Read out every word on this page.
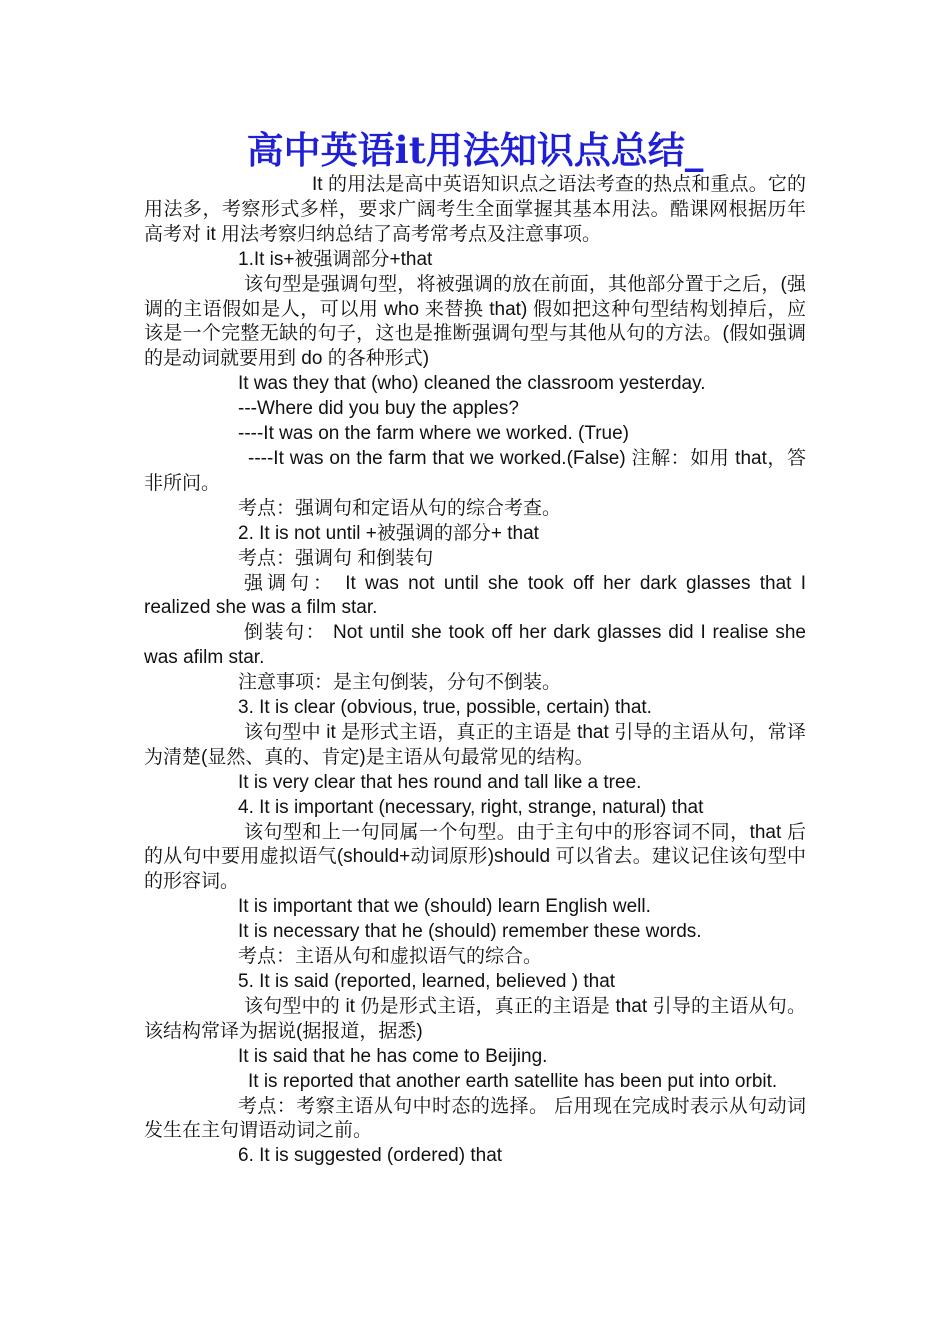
高中英语it用法知识点总结_

It 的用法是高中英语知识点之语法考查的热点和重点。它的用法多，考察形式多样，要求广阔考生全面掌握其基本用法。酷课网根据历年高考对 it 用法考察归纳总结了高考常考点及注意事项。

1.It is+被强调部分+that

该句型是强调句型，将被强调的放在前面，其他部分置于之后，(强调的主语假如是人，可以用 who 来替换 that) 假如把这种句型结构划掉后，应该是一个完整无缺的句子，这也是推断强调句型与其他从句的方法。(假如强调的是动词就要用到 do 的各种形式)

It was they that (who) cleaned the classroom yesterday.

---Where did you buy the apples?

----It was on the farm where we worked. (True)

----It was on the farm that we worked.(False) 注解：如用 that，答非所问。

考点：强调句和定语从句的综合考查。

2. It is not until +被强调的部分+ that

考点：强调句 和倒装句

强调句： It was not until she took off her dark glasses that I realized she was a film star.

倒装句： Not until she took off her dark glasses did I realise she was afilm star.

注意事项：是主句倒装，分句不倒装。

3. It is clear (obvious, true, possible, certain) that.

该句型中 it 是形式主语，真正的主语是 that 引导的主语从句，常译为清楚(显然、真的、肯定)是主语从句最常见的结构。

It is very clear that hes round and tall like a tree.

4. It is important (necessary, right, strange, natural) that

该句型和上一句同属一个句型。由于主句中的形容词不同，that 后的从句中要用虚拟语气(should+动词原形)should 可以省去。建议记住该句型中的形容词。

It is important that we (should) learn English well.

It is necessary that he (should) remember these words.

考点：主语从句和虚拟语气的综合。

5. It is said (reported, learned, believed ) that

该句型中的 it 仍是形式主语，真正的主语是 that 引导的主语从句。该结构常译为据说(据报道，据悉)

It is said that he has come to Beijing.

It is reported that another earth satellite has been put into orbit.

考点：考察主语从句中时态的选择。 后用现在完成时表示从句动词发生在主句谓语动词之前。

6. It is suggested (ordered) that
